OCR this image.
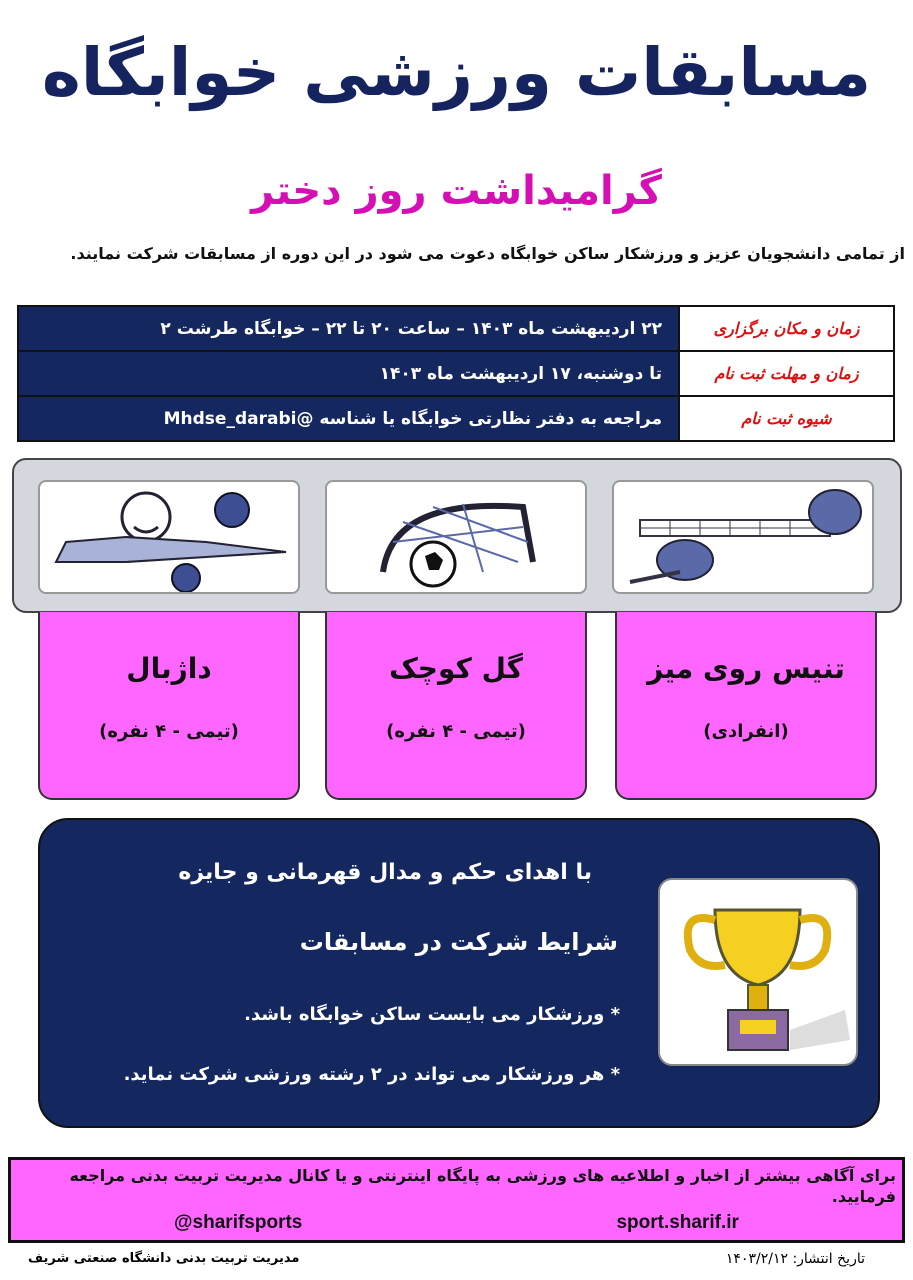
مسابقات ورزشی خوابگاه
گرامیداشت روز دختر
از تمامی دانشجویان عزیز و ورزشکار ساکن خوابگاه دعوت می شود در این دوره از مسابقات شرکت نمایند.
زمان و مکان برگزاری
۲۲ اردیبهشت ماه ۱۴۰۳ – ساعت ۲۰ تا ۲۲ – خوابگاه طرشت ۲
زمان و مهلت ثبت نام
تا دوشنبه، ۱۷ اردیبهشت ماه ۱۴۰۳
شیوه ثبت نام
مراجعه به دفتر نظارتی خوابگاه یا شناسه @Mhdse_darabi
تنیس روی میز
(انفرادی)
گل کوچک
(تیمی - ۴ نفره)
داژبال
(تیمی - ۴ نفره)
با اهدای حکم و مدال قهرمانی و جایزه
شرایط شرکت در مسابقات
* ورزشکار می بایست ساکن خوابگاه باشد.
* هر ورزشکار می تواند در ۲ رشته ورزشی شرکت نماید.
برای آگاهی بیشتر از اخبار و اطلاعیه های ورزشی به پایگاه اینترنتی و یا کانال مدیریت تربیت بدنی مراجعه فرمایید.
@sharifsports	sport.sharif.ir
تاریخ انتشار: ۱۴۰۳/۲/۱۲
مدیریت تربیت بدنی دانشگاه صنعتی شریف
